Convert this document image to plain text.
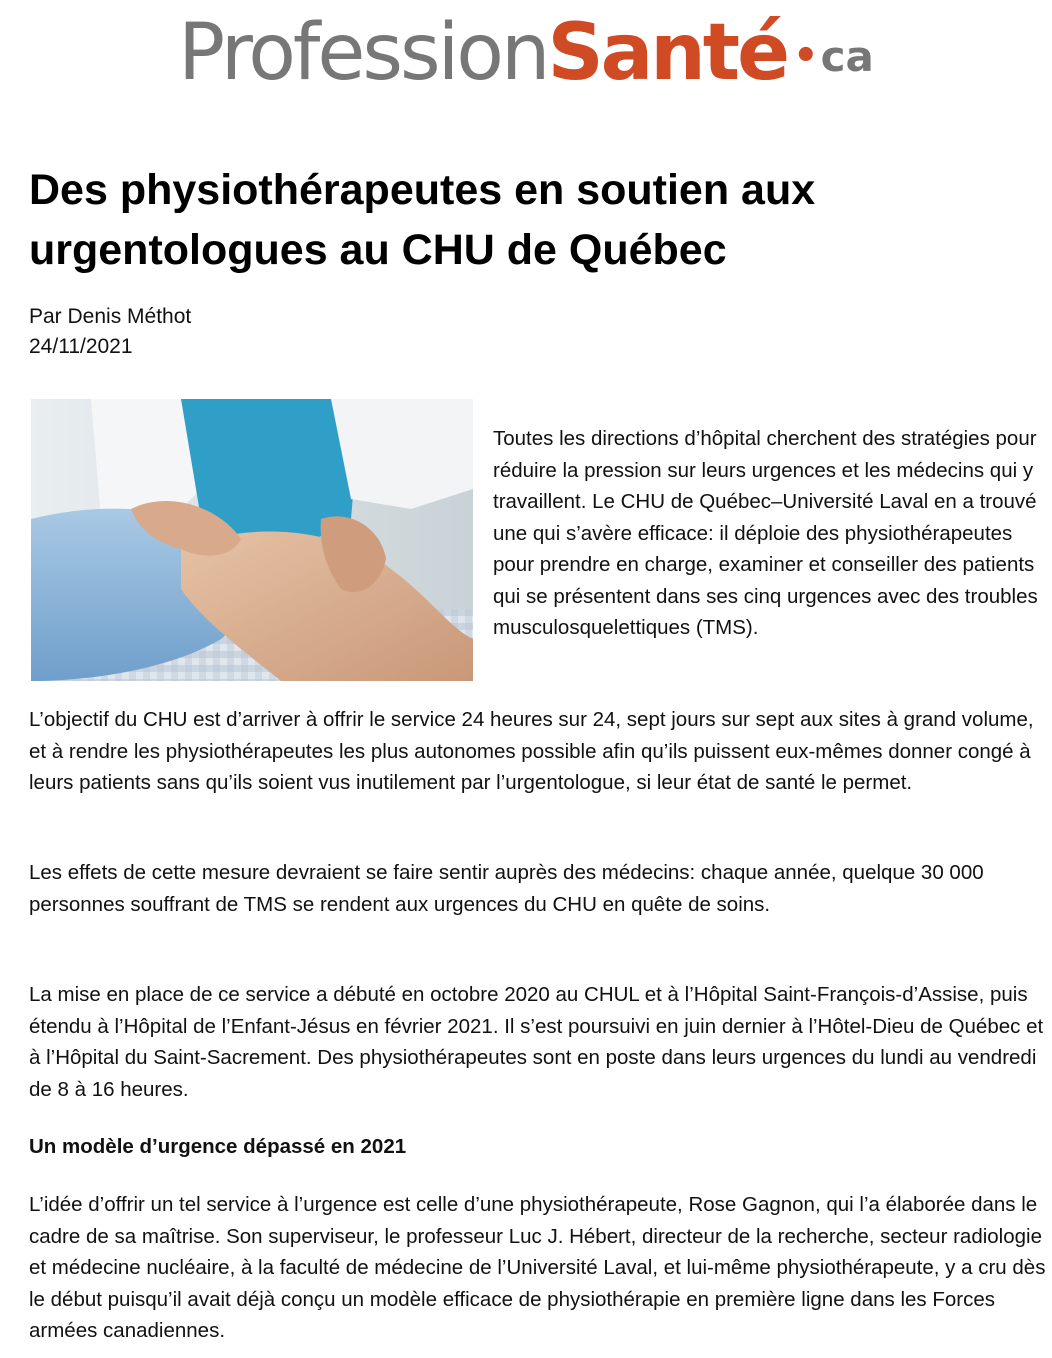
ProfessionSanté •ca
Des physiothérapeutes en soutien aux urgentologues au CHU de Québec
Par Denis Méthot
24/11/2021

Toutes les directions d’hôpital cherchent des stratégies pour réduire la pression sur leurs urgences et les médecins qui y travaillent. Le CHU de Québec–Université Laval en a trouvé une qui s’avère efficace: il déploie des physiothérapeutes pour prendre en charge, examiner et conseiller des patients qui se présentent dans ses cinq urgences avec des troubles musculosquelettiques (TMS).

L’objectif du CHU est d’arriver à offrir le service 24 heures sur 24, sept jours sur sept aux sites à grand volume, et à rendre les physiothérapeutes les plus autonomes possible afin qu’ils puissent eux-mêmes donner congé à leurs patients sans qu’ils soient vus inutilement par l’urgentologue, si leur état de santé le permet.

Les effets de cette mesure devraient se faire sentir auprès des médecins: chaque année, quelque 30 000 personnes souffrant de TMS se rendent aux urgences du CHU en quête de soins.

La mise en place de ce service a débuté en octobre 2020 au CHUL et à l’Hôpital Saint-François-d’Assise, puis étendu à l’Hôpital de l’Enfant-Jésus en février 2021. Il s’est poursuivi en juin dernier à l’Hôtel-Dieu de Québec et à l’Hôpital du Saint-Sacrement. Des physiothérapeutes sont en poste dans leurs urgences du lundi au vendredi de 8 à 16 heures.

Un modèle d’urgence dépassé en 2021

L’idée d’offrir un tel service à l’urgence est celle d’une physiothérapeute, Rose Gagnon, qui l’a élaborée dans le cadre de sa maîtrise. Son superviseur, le professeur Luc J. Hébert, directeur de la recherche, secteur radiologie et médecine nucléaire, à la faculté de médecine de l’Université Laval, et lui-même physiothérapeute, y a cru dès le début puisqu’il avait déjà conçu un modèle efficace de physiothérapie en première ligne dans les Forces armées canadiennes.
